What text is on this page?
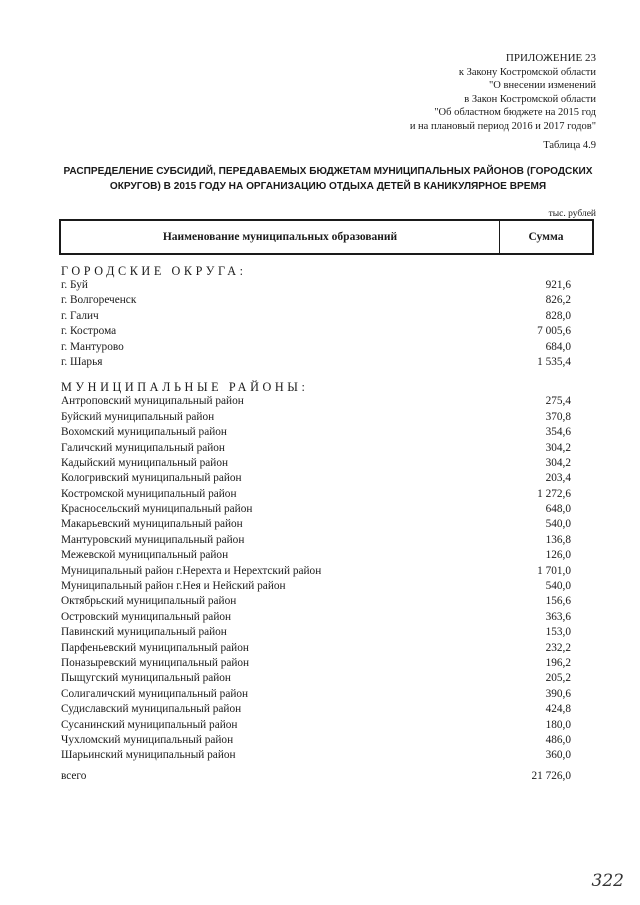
ПРИЛОЖЕНИЕ 23
к Закону Костромской области
"О внесении изменений
в Закон Костромской области
"Об областном бюджете на 2015 год
и на плановый период 2016 и 2017 годов"
Таблица 4.9
РАСПРЕДЕЛЕНИЕ СУБСИДИЙ, ПЕРЕДАВАЕМЫХ БЮДЖЕТАМ МУНИЦИПАЛЬНЫХ РАЙОНОВ (ГОРОДСКИХ ОКРУГОВ) В 2015 ГОДУ НА ОРГАНИЗАЦИЮ ОТДЫХА ДЕТЕЙ В КАНИКУЛЯРНОЕ ВРЕМЯ
тыс. рублей
Наименование муниципальных образований	Сумма
ГОРОДСКИЕ ОКРУГА:
г. Буй	921,6
г. Волгореченск	826,2
г. Галич	828,0
г. Кострома	7 005,6
г. Мантурово	684,0
г. Шарья	1 535,4
МУНИЦИПАЛЬНЫЕ РАЙОНЫ:
Антроповский муниципальный район	275,4
Буйский муниципальный район	370,8
Вохомский муниципальный район	354,6
Галичский муниципальный район	304,2
Кадыйский муниципальный район	304,2
Кологривский муниципальный район	203,4
Костромской муниципальный район	1 272,6
Красносельский муниципальный район	648,0
Макарьевский муниципальный район	540,0
Мантуровский муниципальный район	136,8
Межевской муниципальный район	126,0
Муниципальный район г.Нерехта и Нерехтский район	1 701,0
Муниципальный район г.Нея и Нейский район	540,0
Октябрьский муниципальный район	156,6
Островский муниципальный район	363,6
Павинский муниципальный район	153,0
Парфеньевский муниципальный район	232,2
Поназыревский муниципальный район	196,2
Пыщугский муниципальный район	205,2
Солигаличский муниципальный район	390,6
Судиславский муниципальный район	424,8
Сусанинский муниципальный район	180,0
Чухломский муниципальный район	486,0
Шарьинский муниципальный район	360,0
всего	21 726,0
322
